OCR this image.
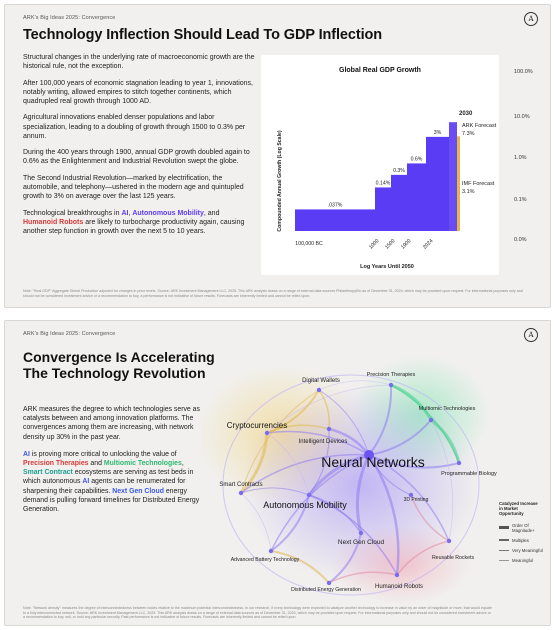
ARK's Big Ideas 2025: Convergence	A
Technology Inflection Should Lead To GDP Inflection

Structural changes in the underlying rate of macroeconomic growth are the historical rule, not the exception.

After 100,000 years of economic stagnation leading to year 1, innovations, notably writing, allowed empires to stitch together continents, which quadrupled real growth through 1000 AD.

Agricultural innovations enabled denser populations and labor specialization, leading to a doubling of growth through 1500 to 0.3% per annum.

During the 400 years through 1900, annual GDP growth doubled again to 0.6% as the Enlightenment and Industrial Revolution swept the globe.

The Second Industrial Revolution—marked by electrification, the automobile, and telephony—ushered in the modern age and quintupled growth to 3% on average over the last 125 years.

Technological breakthroughs in AI, Autonomous Mobility, and Humanoid Robots are likely to turbocharge productivity again, causing another step function in growth over the next 5 to 10 years.

Global Real GDP Growth
Compounded Annual Growth (Log Scale)
Log Years Until 2050
2030
ARK Forecast
7.3%
IMF Forecast
3.1%
.037%
0.14%
0.3%
0.6%
3%
100,000 BC	1000 1500 1900 2024
100.0%
10.0%
1.0%
0.1%
0.0%
Note: "Real GDP" Aggregate Global Production adjusted for changes in price levels. Source: ARK Investment Management LLC, 2025. This ARK analysis draws on a range of external data sources PhilanthropyEtc as of December 31, 2024, which may be provided upon request. For informational purposes only and should not be considered investment advice or a recommendation to buy, a performance is not indicative of future results. Forecasts are inherently limited and cannot be relied upon.
ARK's Big Ideas 2025: Convergence	A
Convergence Is Accelerating The Technology Revolution

ARK measures the degree to which technologies serve as catalysts between and among innovation platforms. The convergences among them are increasing, with network density up 30% in the past year.

AI is proving more critical to unlocking the value of Precision Therapies and Multiomic Technologies, Smart Contract ecosystems are serving as test beds in which autonomous AI agents can be renumerated for sharpening their capabilities. Next Gen Cloud energy demand is pulling forward timelines for Distributed Energy Generation.

Digital Wallets
Precision Therapies
Multiomic Technologies
Cryptocurrencies
Intelligent Devices
Neural Networks
Programmable Biology
Smart Contracts
Autonomous Mobility	3D Printing
Next Gen Cloud
Advanced Battery Technology	Reusable Rockets
Distributed Energy Generation Humanoid Robots
Catalyzed Increase in Market Opportunity
Order Of Magnitude+
Multiples
Very Meaningful
Meaningful
Note: "Network density" measures the degree of interconnectedness between nodes relative to the maximum potential interconnectedness. In our research, if every technology were expected to catalyze another technology to increase in value by an order of magnitude or more, that would equate to a fully interconnected network. Source: ARK Investment Management LLC, 2025. This ARK analysis draws on a range of external data sources as of December 31, 2024, which may be provided upon request. For informational purposes only and should not be considered investment advice or a recommendation to buy, sell, or hold any particular security. Past performance is not indicative of future results. Forecasts are inherently limited and cannot be relied upon.
